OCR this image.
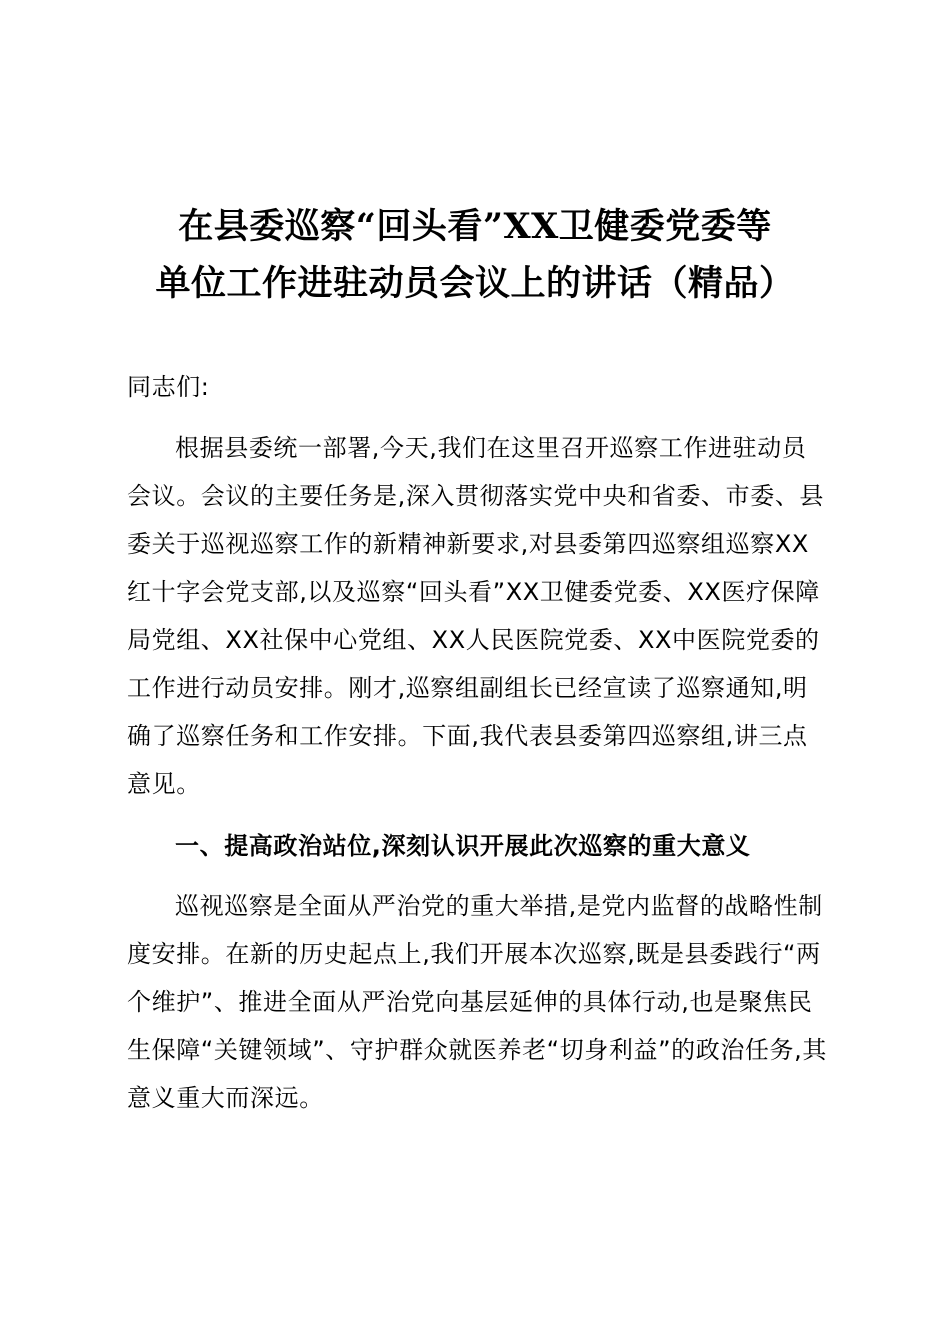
在县委巡察“回头看”XX卫健委党委等
单位工作进驻动员会议上的讲话（精品）

同志们:

根据县委统一部署,今天,我们在这里召开巡察工作进驻动员会议。会议的主要任务是,深入贯彻落实党中央和省委、市委、县委关于巡视巡察工作的新精神新要求,对县委第四巡察组巡察XX红十字会党支部,以及巡察“回头看”XX卫健委党委、XX医疗保障局党组、XX社保中心党组、XX人民医院党委、XX中医院党委的工作进行动员安排。刚才,巡察组副组长已经宣读了巡察通知,明确了巡察任务和工作安排。下面,我代表县委第四巡察组,讲三点意见。

一、提高政治站位,深刻认识开展此次巡察的重大意义

巡视巡察是全面从严治党的重大举措,是党内监督的战略性制度安排。在新的历史起点上,我们开展本次巡察,既是县委践行“两个维护”、推进全面从严治党向基层延伸的具体行动,也是聚焦民生保障“关键领域”、守护群众就医养老“切身利益”的政治任务,其意义重大而深远。
